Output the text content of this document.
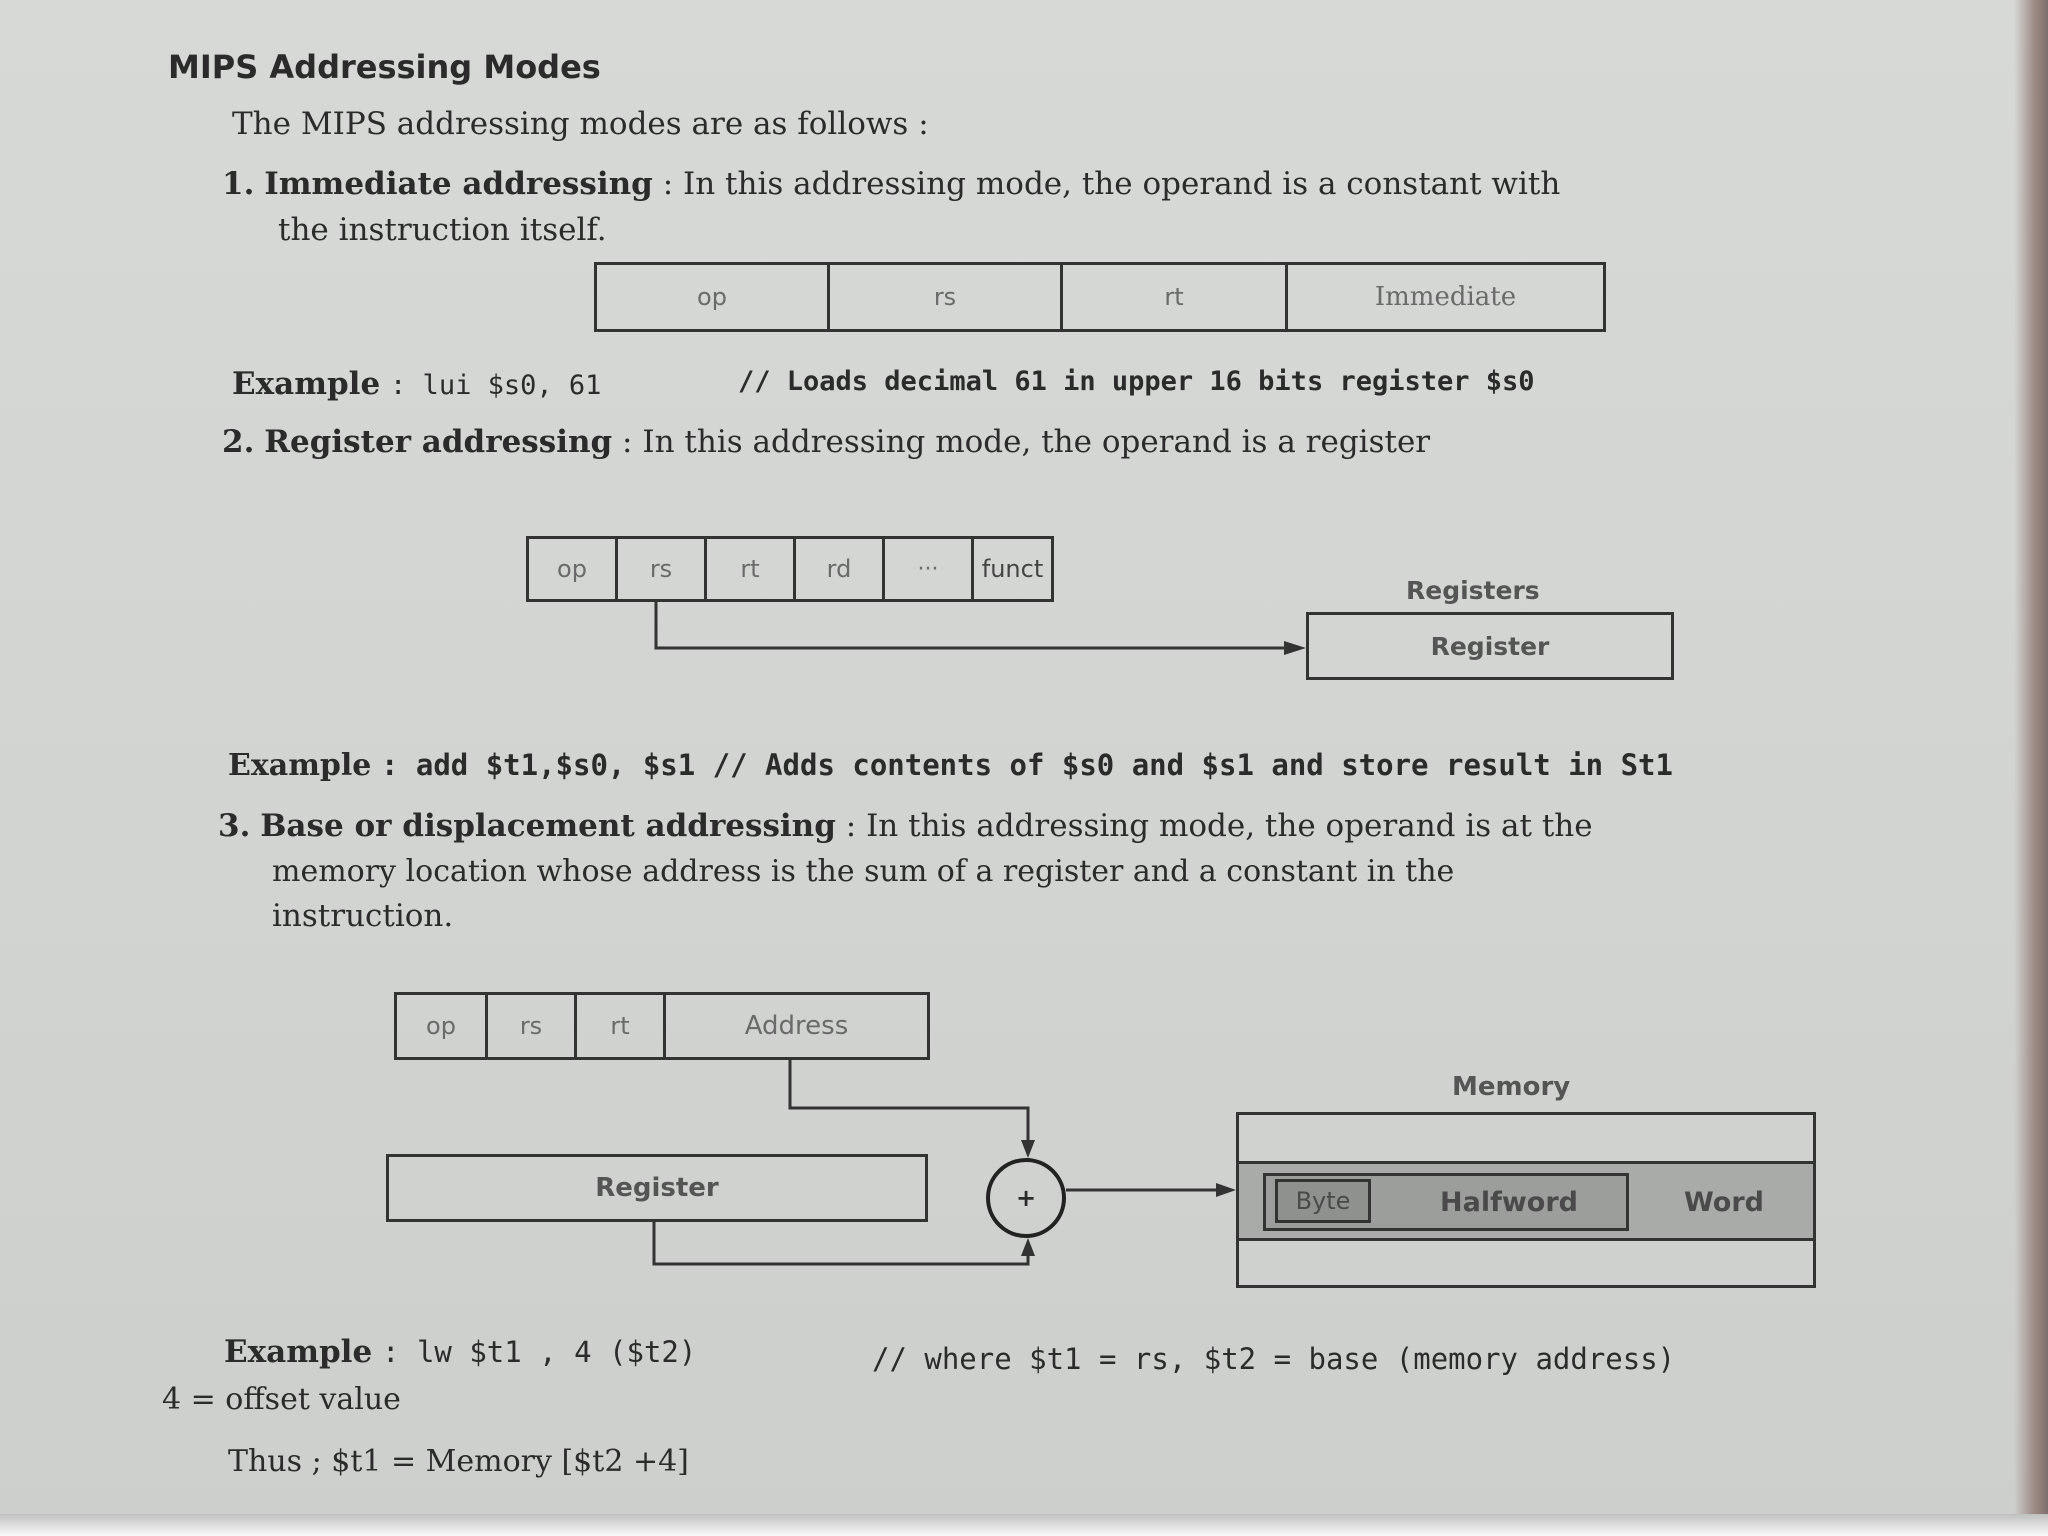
MIPS Addressing Modes
The MIPS addressing modes are as follows :
1. Immediate addressing : In this addressing mode, the operand is a constant with
the instruction itself.
op	rs	rt	Immediate
Example : lui $s0, 61	// Loads decimal 61 in upper 16 bits register $s0
2. Register addressing : In this addressing mode, the operand is a register
op	rs	rt	rd	···	funct
Registers
Register
Example : add $t1,$s0, $s1 // Adds contents of $s0 and $s1 and store result in St1
3. Base or displacement addressing : In this addressing mode, the operand is at the
memory location whose address is the sum of a register and a constant in the
instruction.
op	rs	rt	Address
Register	+
Memory
Byte	Halfword	Word
Example : lw $t1 , 4 ($t2)	// where $t1 = rs, $t2 = base (memory address)
4 = offset value
Thus ; $t1 = Memory [$t2 +4]
